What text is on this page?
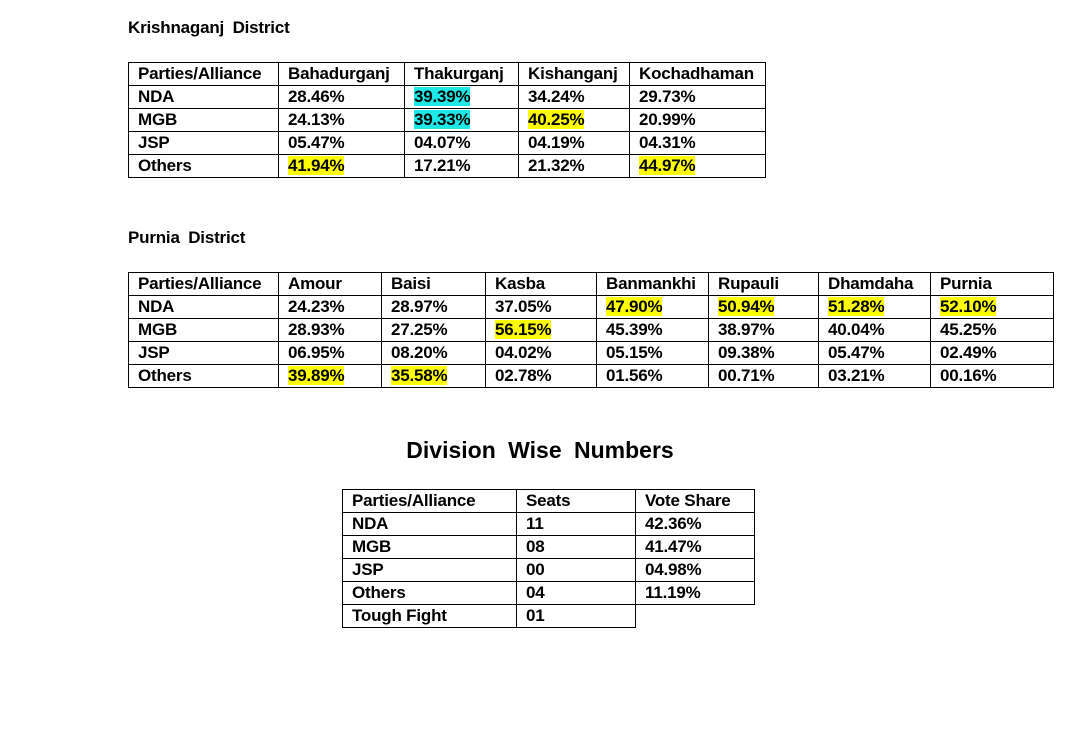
Krishnaganj District
Parties/Alliance	Bahadurganj	Thakurganj	Kishanganj	Kochadhaman
NDA	28.46%	39.39%	34.24%	29.73%
MGB	24.13%	39.33%	40.25%	20.99%
JSP	05.47%	04.07%	04.19%	04.31%
Others	41.94%	17.21%	21.32%	44.97%
Purnia District
Parties/Alliance	Amour	Baisi	Kasba	Banmankhi	Rupauli	Dhamdaha	Purnia
NDA	24.23%	28.97%	37.05%	47.90%	50.94%	51.28%	52.10%
MGB	28.93%	27.25%	56.15%	45.39%	38.97%	40.04%	45.25%
JSP	06.95%	08.20%	04.02%	05.15%	09.38%	05.47%	02.49%
Others	39.89%	35.58%	02.78%	01.56%	00.71%	03.21%	00.16%
Division Wise Numbers
Parties/Alliance	Seats	Vote Share
NDA	11	42.36%
MGB	08	41.47%
JSP	00	04.98%
Others	04	11.19%
Tough Fight	01	
